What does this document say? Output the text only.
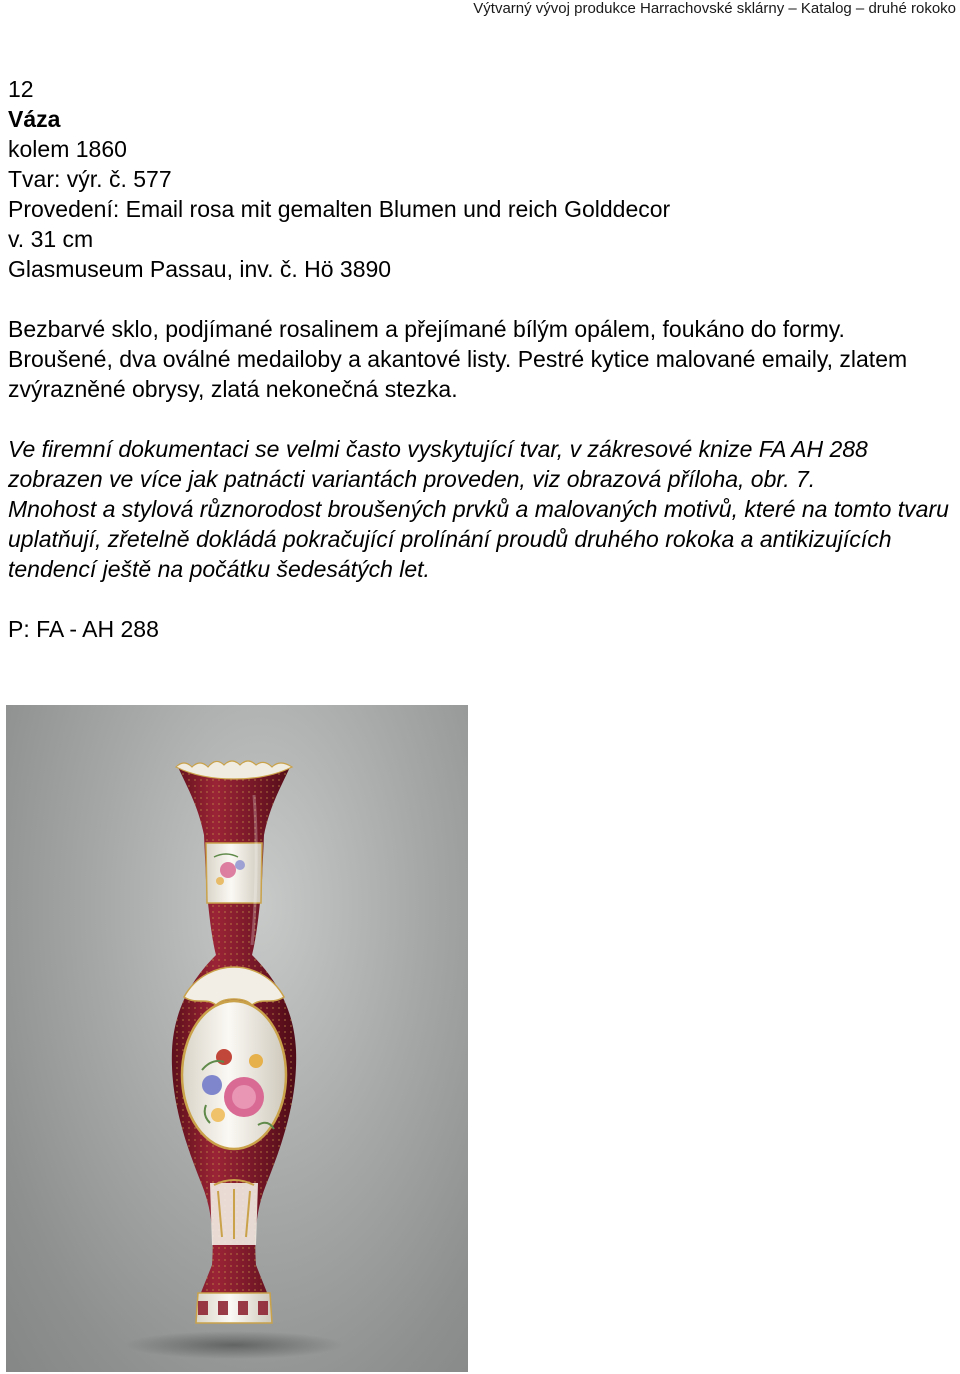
Výtvarný vývoj produkce Harrachovské sklárny – Katalog – druhé rokoko
12
Váza
kolem 1860
Tvar: výr. č. 577
Provedení: Email rosa mit gemalten Blumen und reich Golddecor
v. 31 cm
Glasmuseum Passau, inv. č. Hö 3890

Bezbarvé sklo, podjímané rosalinem a přejímané bílým opálem, foukáno do formy. Broušené, dva oválné medailoby a akantové listy. Pestré kytice malované emaily, zlatem zvýrazněné obrysy, zlatá nekonečná stezka.

Ve firemní dokumentaci se velmi často vyskytující tvar, v zákresové knize FA AH 288 zobrazen ve více jak patnácti variantách proveden, viz obrazová příloha, obr. 7.

Mnohost a stylová různorodost broušených prvků a malovaných motivů, které na tomto tvaru uplatňují, zřetelně dokládá pokračující prolínání proudů druhého rokoka a antikizujících tendencí ještě na počátku šedesátých let.

P: FA - AH 288
